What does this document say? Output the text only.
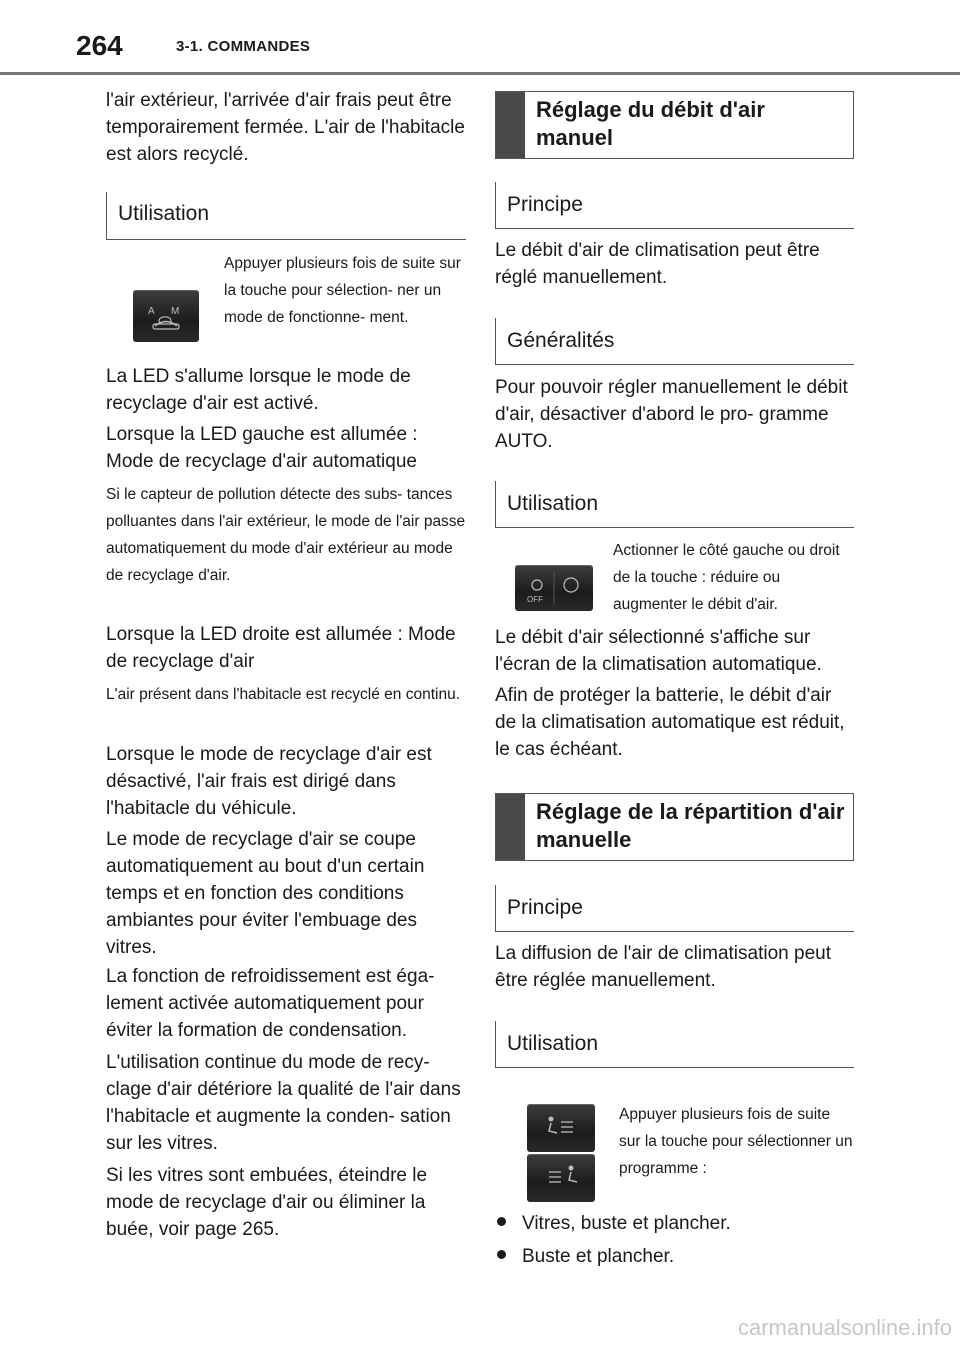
264	3-1. COMMANDES
l'air extérieur, l'arrivée d'air frais peut être temporairement fermée. L'air de l'habitacle est alors recyclé.
Utilisation
A M
Appuyer plusieurs fois de suite sur la touche pour sélection- ner un mode de fonctionne- ment.
La LED s'allume lorsque le mode de recyclage d'air est activé.
Lorsque la LED gauche est allumée : Mode de recyclage d'air automatique
Si le capteur de pollution détecte des subs- tances polluantes dans l'air extérieur, le mode de l'air passe automatiquement du mode d'air extérieur au mode de recyclage d'air.
Lorsque la LED droite est allumée : Mode de recyclage d'air
L'air présent dans l'habitacle est recyclé en continu.
Lorsque le mode de recyclage d'air est désactivé, l'air frais est dirigé dans l'habitacle du véhicule.
Le mode de recyclage d'air se coupe automatiquement au bout d'un certain temps et en fonction des conditions ambiantes pour éviter l'embuage des vitres.
La fonction de refroidissement est éga- lement activée automatiquement pour éviter la formation de condensation.
L'utilisation continue du mode de recy- clage d'air détériore la qualité de l'air dans l'habitacle et augmente la conden- sation sur les vitres.
Si les vitres sont embuées, éteindre le mode de recyclage d'air ou éliminer la buée, voir page 265.
Réglage du débit d'air manuel
Principe
Le débit d'air de climatisation peut être réglé manuellement.
Généralités
Pour pouvoir régler manuellement le débit d'air, désactiver d'abord le pro- gramme AUTO.
Utilisation
OFF
Actionner le côté gauche ou droit de la touche : réduire ou augmenter le débit d'air.
Le débit d'air sélectionné s'affiche sur l'écran de la climatisation automatique.
Afin de protéger la batterie, le débit d'air de la climatisation automatique est réduit, le cas échéant.
Réglage de la répartition d'air manuelle
Principe
La diffusion de l'air de climatisation peut être réglée manuellement.
Utilisation
Appuyer plusieurs fois de suite sur la touche pour sélectionner un programme :
Vitres, buste et plancher.
Buste et plancher.
carmanualsonline.info
